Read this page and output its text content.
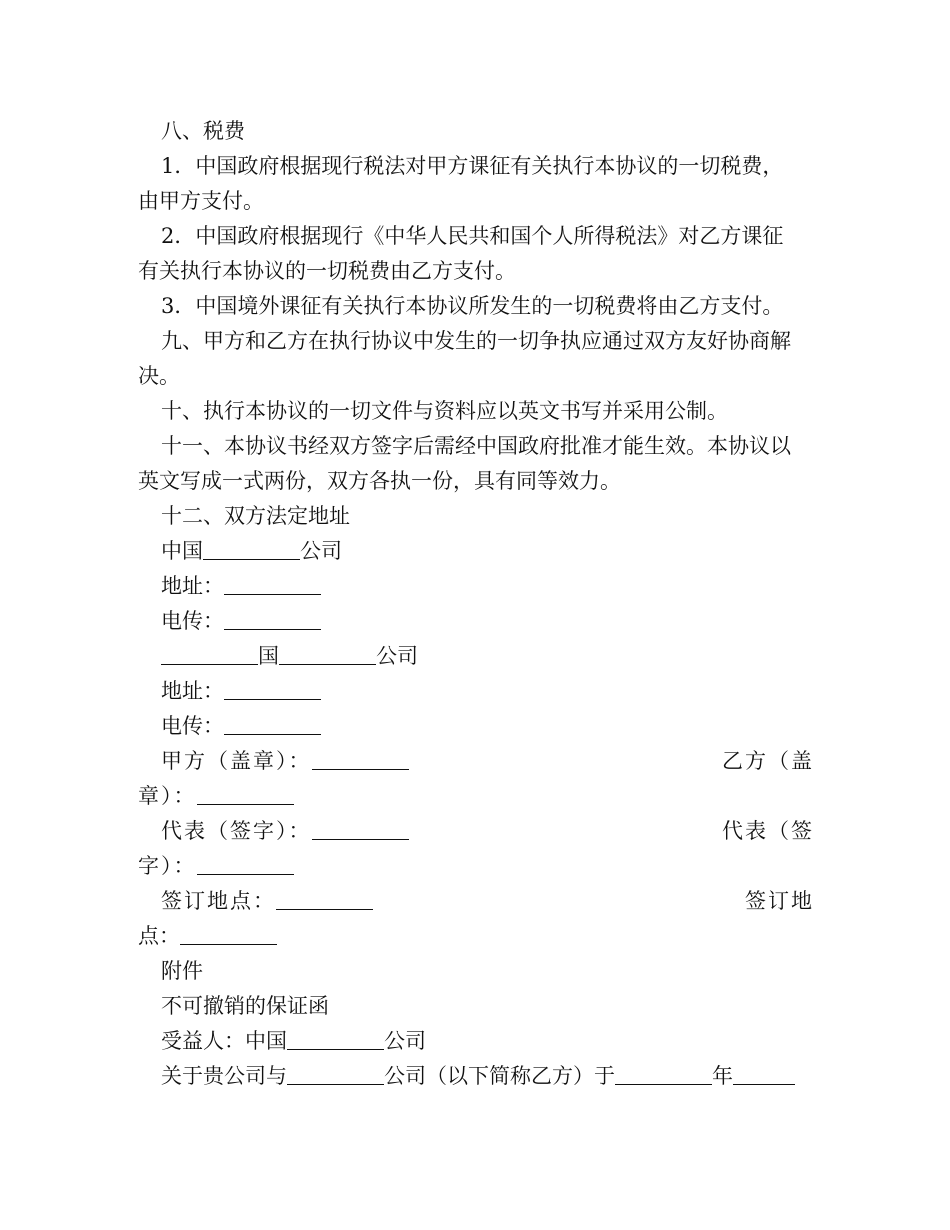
八、税费

1．中国政府根据现行税法对甲方课征有关执行本协议的一切税费，

由甲方支付。

2．中国政府根据现行《中华人民共和国个人所得税法》对乙方课征

有关执行本协议的一切税费由乙方支付。

3．中国境外课征有关执行本协议所发生的一切税费将由乙方支付。

九、甲方和乙方在执行协议中发生的一切争执应通过双方友好协商解

决。

十、执行本协议的一切文件与资料应以英文书写并采用公制。

十一、本协议书经双方签字后需经中国政府批准才能生效。本协议以

英文写成一式两份，双方各执一份，具有同等效力。

十二、双方法定地址

中国	公司

地址：

电传：

国	公司

地址：

电传：

甲方（盖章）：	乙方（盖
章）：
代表（签字）：	代表（签
字）：
签订地点：	签订地
点：

附件

不可撤销的保证函

受益人：中国	公司

关于贵公司与	公司（以下简称乙方）于	年
